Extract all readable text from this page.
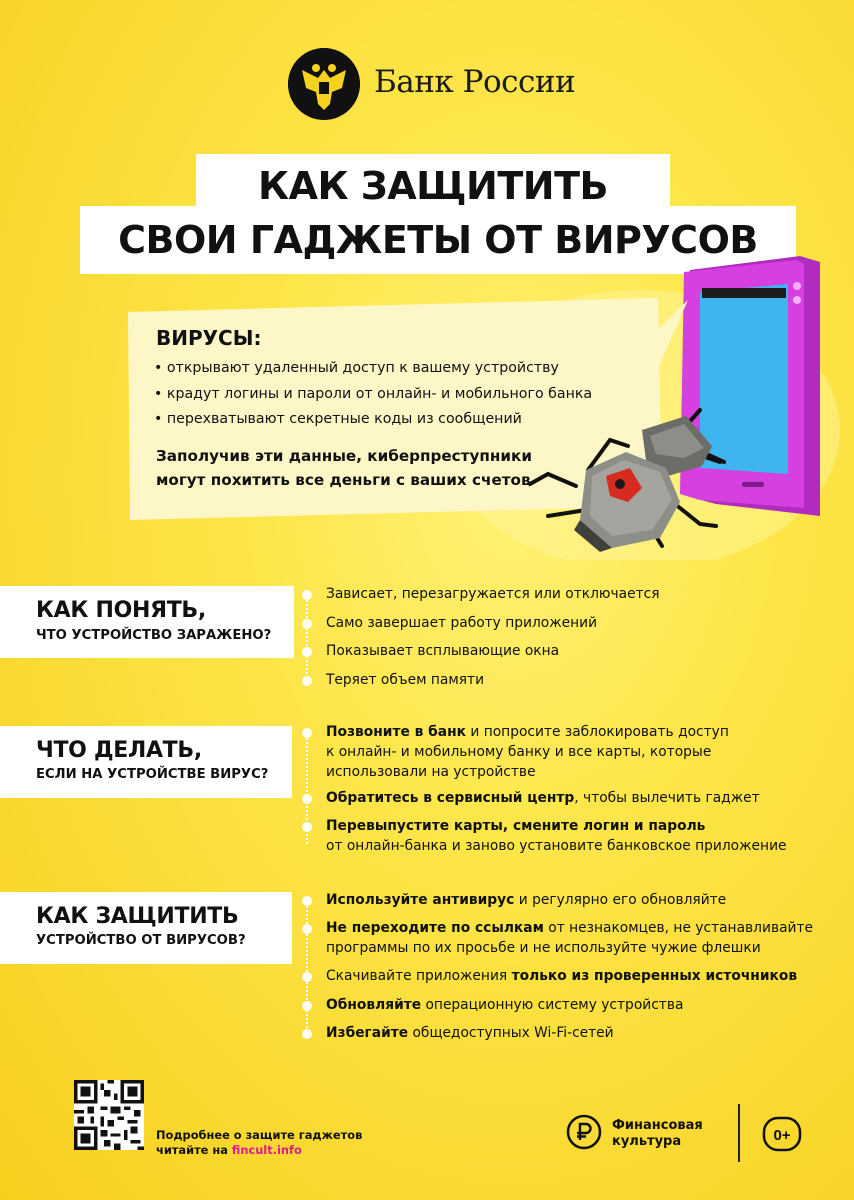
Банк России
КАК ЗАЩИТИТЬ
СВОИ ГАДЖЕТЫ ОТ ВИРУСОВ
ВИРУСЫ:
• открывают удаленный доступ к вашему устройству
• крадут логины и пароли от онлайн- и мобильного банка
• перехватывают секретные коды из сообщений
Заполучив эти данные, киберпреступники
могут похитить все деньги с ваших счетов
КАК ПОНЯТЬ,
ЧТО УСТРОЙСТВО ЗАРАЖЕНО?
Зависает, перезагружается или отключается
Само завершает работу приложений
Показывает всплывающие окна
Теряет объем памяти
ЧТО ДЕЛАТЬ,
ЕСЛИ НА УСТРОЙСТВЕ ВИРУС?
Позвоните в банк и попросите заблокировать доступ
к онлайн- и мобильному банку и все карты, которые
использовали на устройстве
Обратитесь в сервисный центр, чтобы вылечить гаджет
Перевыпустите карты, смените логин и пароль
от онлайн-банка и заново установите банковское приложение
КАК ЗАЩИТИТЬ
УСТРОЙСТВО ОТ ВИРУСОВ?
Используйте антивирус и регулярно его обновляйте
Не переходите по ссылкам от незнакомцев, не устанавливайте
программы по их просьбе и не используйте чужие флешки
Скачивайте приложения только из проверенных источников
Обновляйте операционную систему устройства
Избегайте общедоступных Wi-Fi-сетей
Подробнее о защите гаджетов
читайте на fincult.info
Финансовая
культура	0+
